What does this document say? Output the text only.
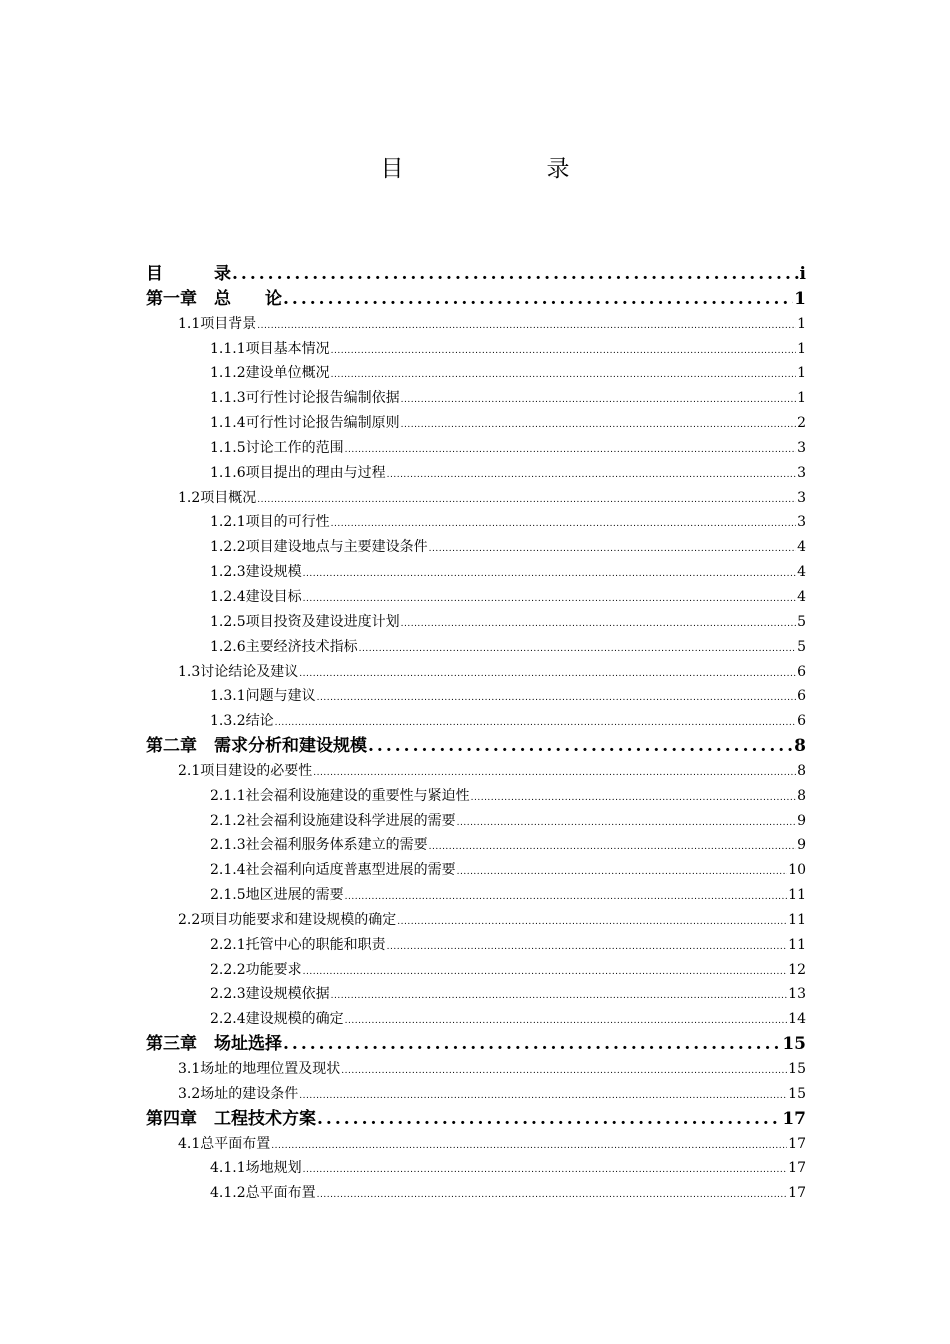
目　录
目　　　录 .....	i
第一章　总　　论 .....	1
1.1项目背景 .....	1
1.1.1项目基本情况 .....	1
1.1.2建设单位概况 .....	1
1.1.3可行性讨论报告编制依据 .....	1
1.1.4可行性讨论报告编制原则 .....	2
1.1.5讨论工作的范围 .....	3
1.1.6项目提出的理由与过程 .....	3
1.2项目概况 .....	3
1.2.1项目的可行性 .....	3
1.2.2项目建设地点与主要建设条件 .....	4
1.2.3建设规模 .....	4
1.2.4建设目标 .....	4
1.2.5项目投资及建设进度计划 .....	5
1.2.6主要经济技术指标 .....	5
1.3讨论结论及建议 .....	6
1.3.1问题与建议 .....	6
1.3.2结论 .....	6
第二章　需求分析和建设规模 .....	8
2.1项目建设的必要性 .....	8
2.1.1社会福利设施建设的重要性与紧迫性 .....	8
2.1.2社会福利设施建设科学进展的需要 .....	9
2.1.3社会福利服务体系建立的需要 .....	9
2.1.4社会福利向适度普惠型进展的需要 .....	10
2.1.5地区进展的需要 .....	11
2.2项目功能要求和建设规模的确定 .....	11
2.2.1托管中心的职能和职责 .....	11
2.2.2功能要求 .....	12
2.2.3建设规模依据 .....	13
2.2.4建设规模的确定 .....	14
第三章　场址选择 .....	15
3.1场址的地理位置及现状 .....	15
3.2场址的建设条件 .....	15
第四章　工程技术方案 .....	17
4.1总平面布置 .....	17
4.1.1场地规划 .....	17
4.1.2总平面布置 .....	17
